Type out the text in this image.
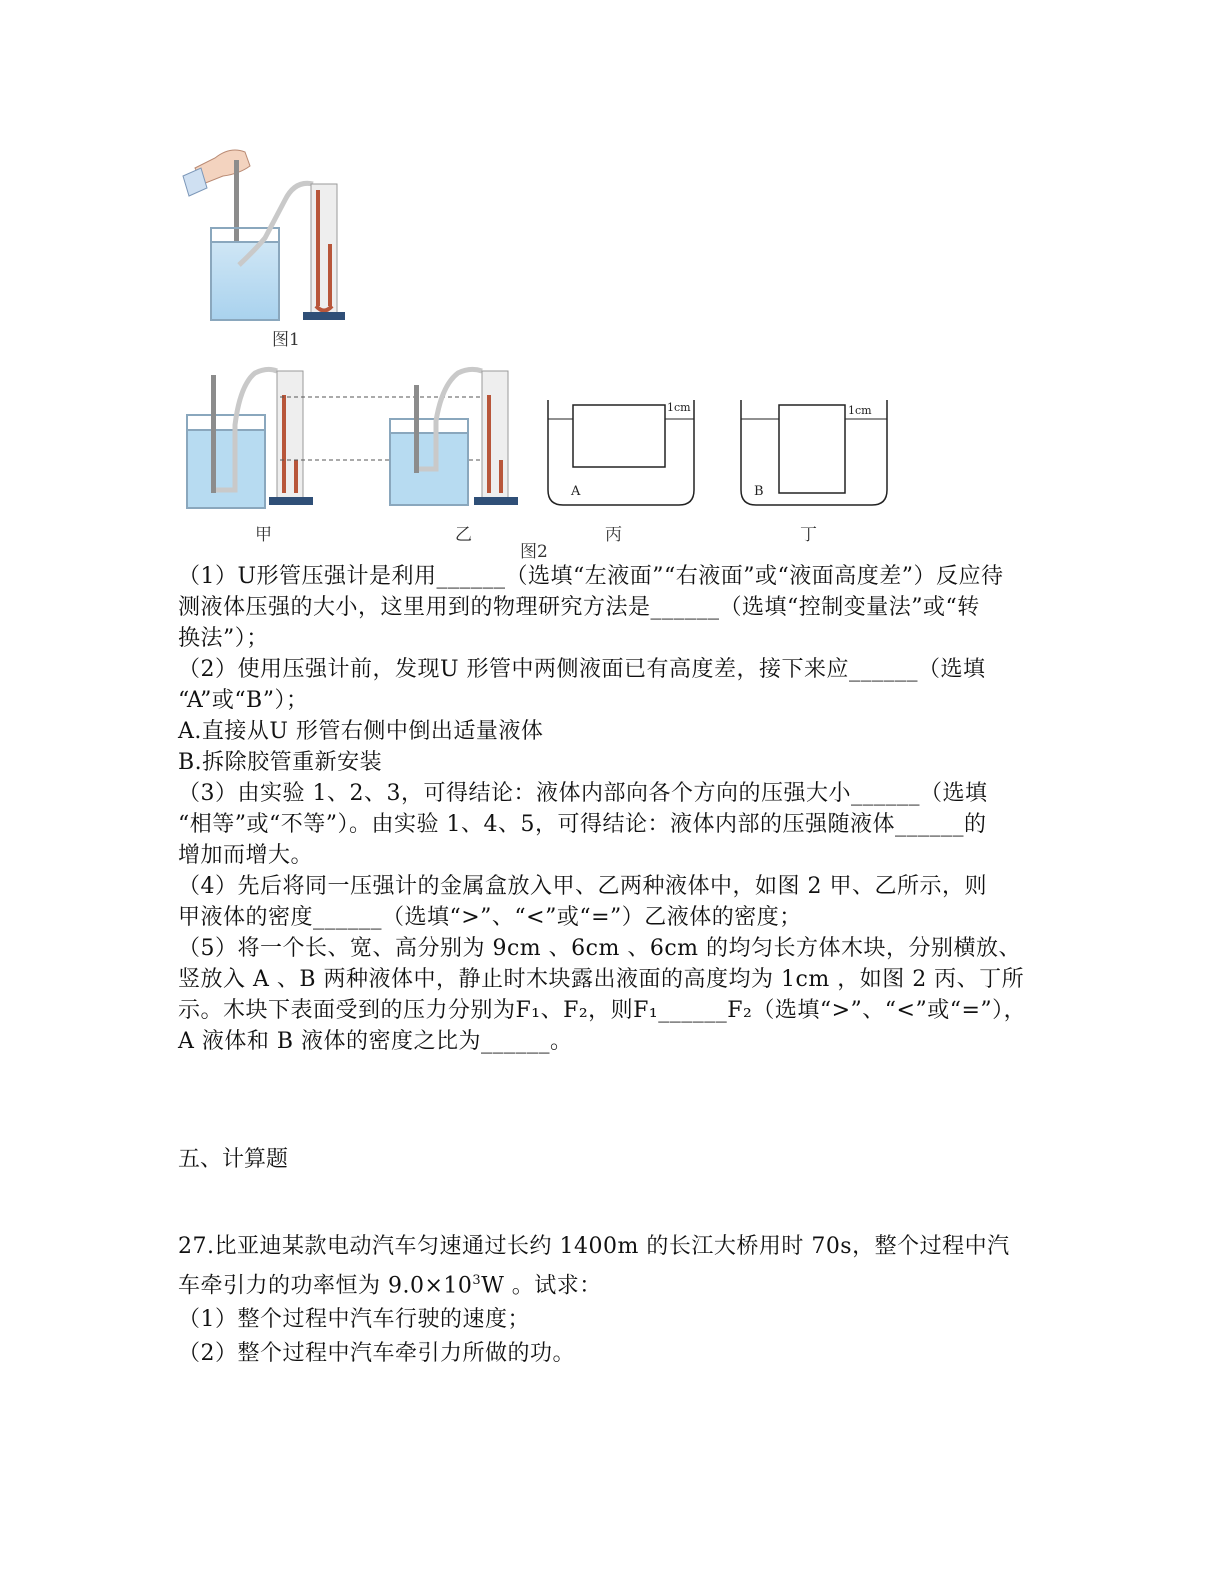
图1
1cm
A
1cm
B
甲	乙	丙	丁
图2
（1）U形管压强计是利用______（选填“左液面”“右液面”或“液面高度差”）反应待
测液体压强的大小，这里用到的物理研究方法是______（选填“控制变量法”或“转
换法”）；
（2）使用压强计前，发现U 形管中两侧液面已有高度差，接下来应______（选填
“A”或“B”）；
A.直接从U 形管右侧中倒出适量液体
B.拆除胶管重新安装
（3）由实验 1、2、3，可得结论：液体内部向各个方向的压强大小______（选填
“相等”或“不等”）。由实验 1、4、5，可得结论：液体内部的压强随液体______的
增加而增大。
（4）先后将同一压强计的金属盒放入甲、乙两种液体中，如图 2 甲、乙所示，则
甲液体的密度______（选填“>”、“<”或“=”）乙液体的密度；
（5）将一个长、宽、高分别为 9cm 、6cm 、6cm 的均匀长方体木块，分别横放、
竖放入 A 、B 两种液体中，静止时木块露出液面的高度均为 1cm ，如图 2 丙、丁所
示。木块下表面受到的压力分别为F₁、F₂，则F₁______F₂（选填“>”、“<”或“=”），
A 液体和 B 液体的密度之比为______。
五、计算题
27.比亚迪某款电动汽车匀速通过长约 1400m 的长江大桥用时 70s，整个过程中汽
车牵引力的功率恒为 $9.0\times 10^3W$ 。试求：
（1）整个过程中汽车行驶的速度；
（2）整个过程中汽车牵引力所做的功。
